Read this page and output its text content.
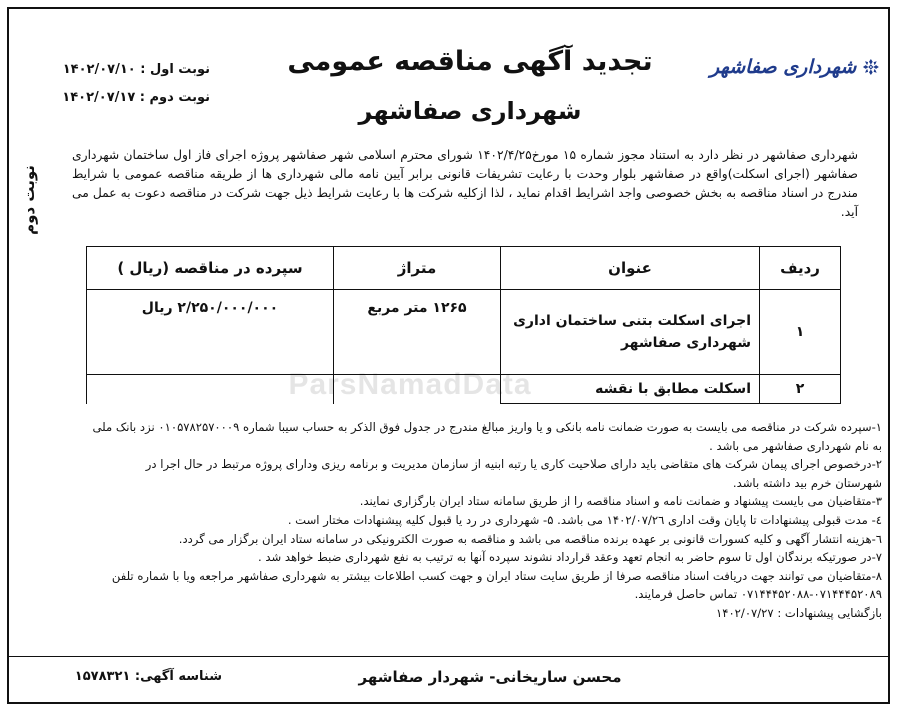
نوبت دوم
نوبت اول : ۱۴۰۲/۰۷/۱۰
نوبت دوم : ۱۴۰۲/۰۷/۱۷
تجدید آگهی مناقصه عمومی
شهرداری صفاشهر
شهرداری صفاشهر

شهرداری صفاشهر در نظر دارد به استناد مجوز شماره ۱۵ مورخ۱۴۰۲/۴/۲۵ شورای محترم اسلامی شهر صفاشهر پروژه اجرای فاز اول ساختمان شهرداری صفاشهر (اجرای اسکلت)واقع در صفاشهر بلوار وحدت با رعایت تشریفات قانونی برابر آیین نامه مالی شهرداری ها از طریقه مناقصه عمومی با شرایط مندرج در اسناد مناقصه به بخش خصوصی واجد اشرایط اقدام نماید ، لذا ازکلیه شرکت ها با رعایت شرایط ذیل جهت شرکت در مناقصه دعوت به عمل می آید.

ردیف	عنوان	متراژ	سپرده در مناقصه (ریال )
۱	اجرای اسکلت بتنی ساختمان اداری
شهرداری صفاشهر	۱۲۶۵ متر مربع	۲/۲۵۰/۰۰۰/۰۰۰ ریال
۲	اسکلت مطابق با نقشه		
ParsNamadData
۱-سپرده شرکت در مناقصه می بایست به صورت ضمانت نامه بانکی و یا واریز مبالغ مندرج در جدول فوق الذکر به حساب سیبا شماره ۰۱۰۵۷۸۲۵۷۰۰۰۹ نزد بانک ملی
به نام شهرداری صفاشهر می باشد .
۲-درخصوص اجرای پیمان شرکت های متقاضی باید دارای صلاحیت کاری یا رتبه ابنیه از سازمان مدیریت و برنامه ریزی ودارای پروژه مرتبط در حال اجرا در
شهرستان خرم بید داشته باشد.
۳-متقاضیان می بایست پیشنهاد و ضمانت نامه و اسناد مناقصه را از طریق سامانه ستاد ایران بارگزاری نمایند.
٤- مدت قبولی پیشنهادات تا پایان وقت اداری ۱۴۰۲/۰۷/۲٦ می باشد. ۵- شهرداری در رد یا قبول کلیه پیشنهادات مختار است .
٦-هزینه انتشار آگهی و کلیه کسورات قانونی بر عهده برنده مناقصه می باشد و مناقصه به صورت الکترونیکی در سامانه ستاد ایران برگزار می گردد.
۷-در صورتیکه برندگان اول تا سوم حاضر به انجام تعهد وعقد قرارداد نشوند سپرده آنها به ترتیب به نفع شهرداری ضبط خواهد شد .
۸-متقاضیان می توانند جهت دریافت اسناد مناقصه صرفا از طریق سایت ستاد ایران و جهت کسب اطلاعات بیشتر به شهرداری صفاشهر مراجعه ویا با شماره تلفن
۰۷۱۴۴۴۵۲۰۸۸-۰۷۱۴۴۴۵۲۰۸۹ تماس حاصل فرمایند.
بازگشایی پیشنهادات : ۱۴۰۲/۰۷/۲۷
محسن ساریخانی- شهردار صفاشهر
شناسه آگهی: ۱۵۷۸۳۲۱
